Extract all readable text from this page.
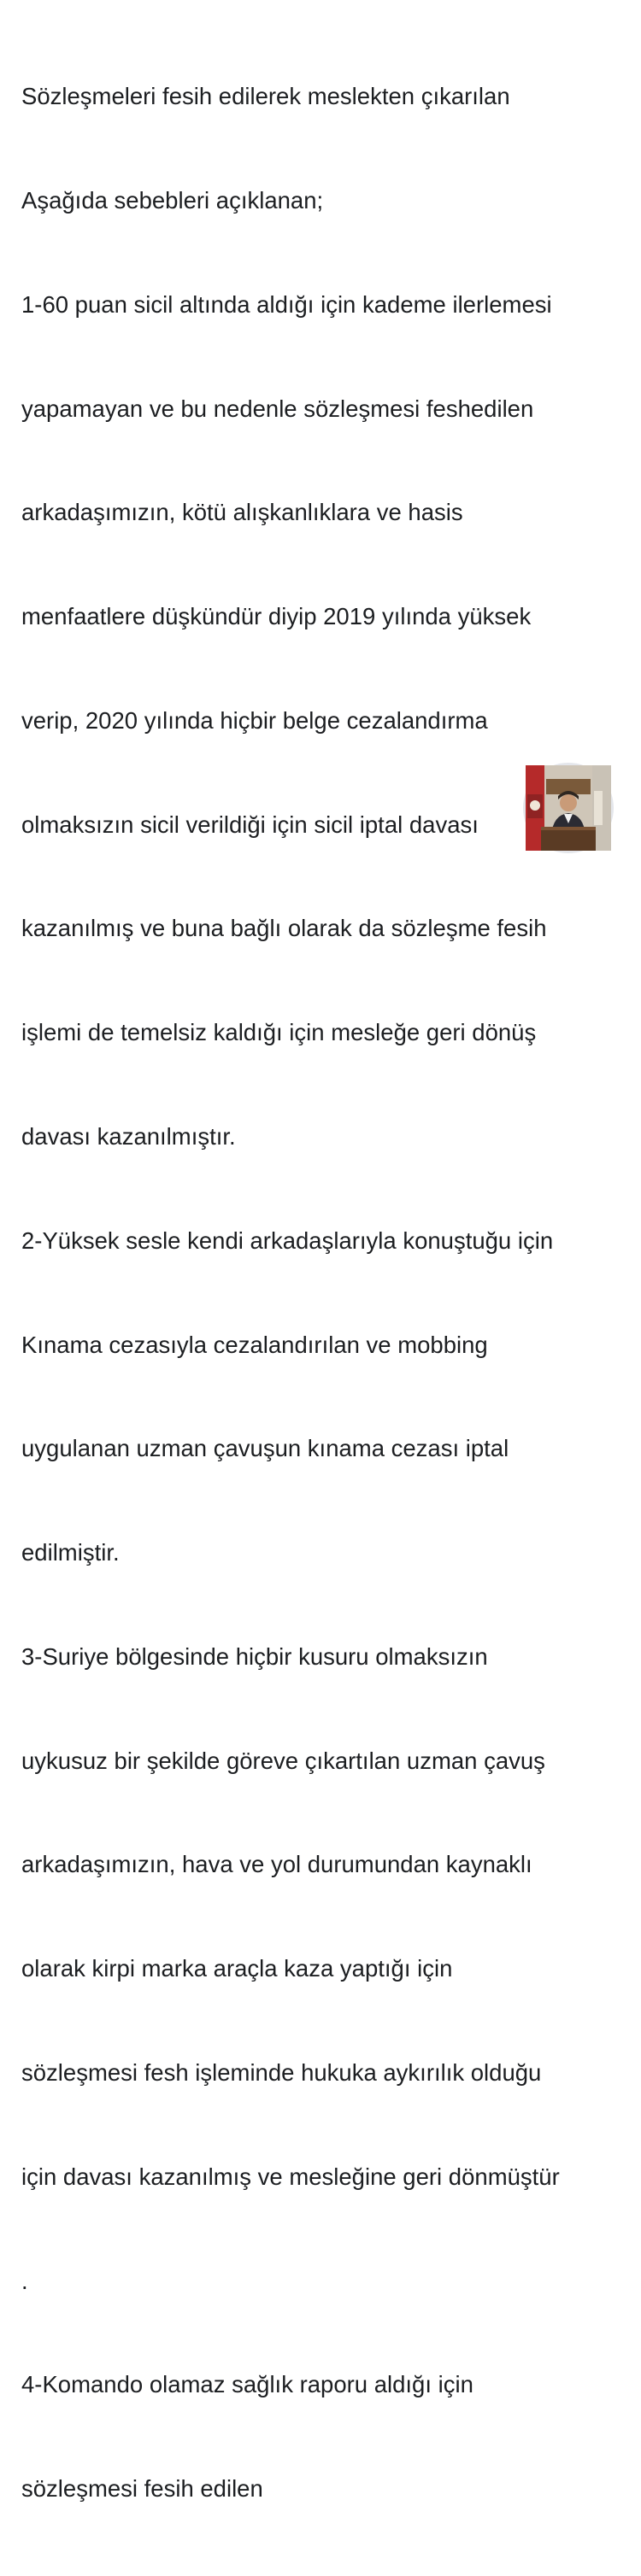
Sözleşmeleri fesih edilerek meslekten çıkarılan

Aşağıda sebebleri açıklanan;

1-60 puan sicil altında aldığı için kademe ilerlemesi

yapamayan ve bu nedenle sözleşmesi feshedilen

arkadaşımızın, kötü alışkanlıklara ve hasis

menfaatlere düşkündür diyip 2019 yılında yüksek

verip, 2020 yılında hiçbir belge cezalandırma

olmaksızın sicil verildiği için sicil iptal davası

kazanılmış ve buna bağlı olarak da sözleşme fesih

işlemi de temelsiz kaldığı için mesleğe geri dönüş

davası kazanılmıştır.

2-Yüksek sesle kendi arkadaşlarıyla konuştuğu için

Kınama cezasıyla cezalandırılan ve mobbing

uygulanan uzman çavuşun kınama cezası iptal

edilmiştir.

3-Suriye bölgesinde hiçbir kusuru olmaksızın

uykusuz bir şekilde göreve çıkartılan uzman çavuş

arkadaşımızın, hava ve yol durumundan kaynaklı

olarak kirpi marka araçla kaza yaptığı için

sözleşmesi fesh işleminde hukuka aykırılık olduğu

için davası kazanılmış ve mesleğine geri dönmüştür

.

4-Komando olamaz sağlık raporu aldığı için

sözleşmesi fesih edilen
